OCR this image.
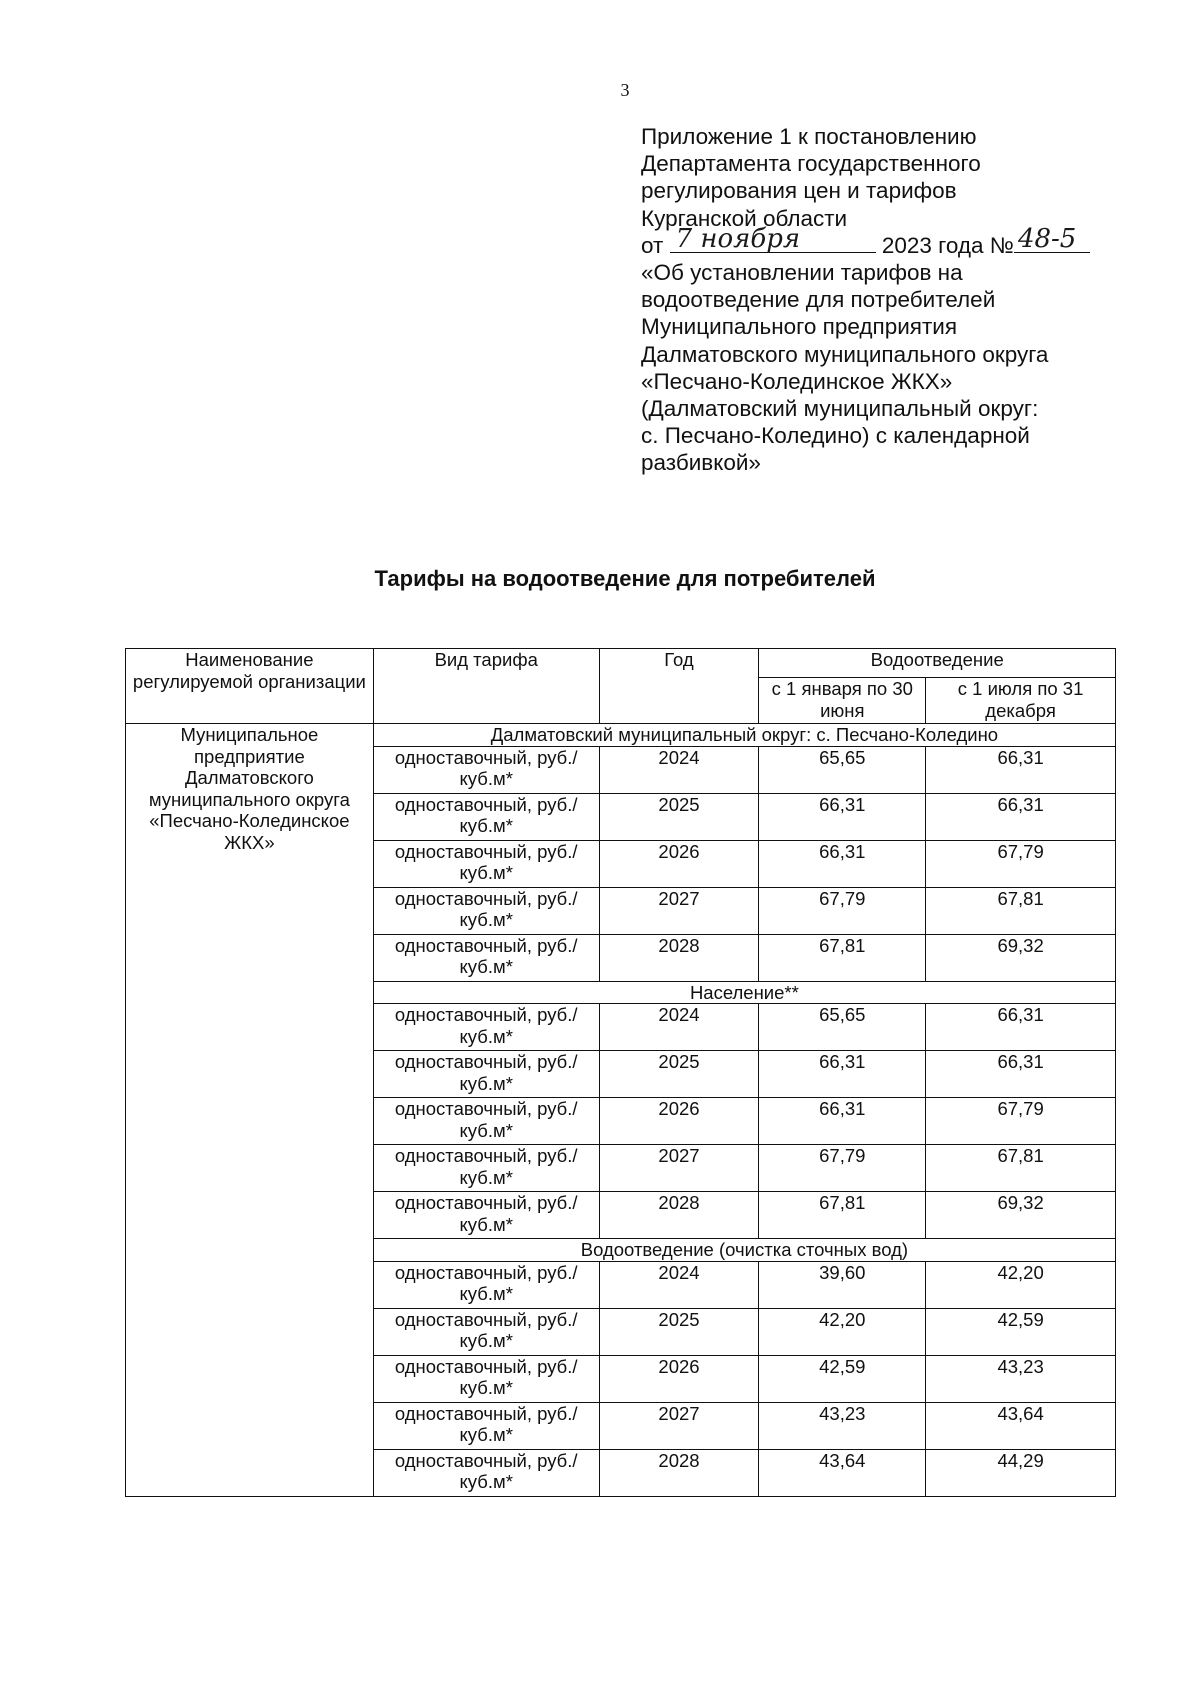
3
Приложение 1 к постановлению
Департамента государственного
регулирования цен и тарифов
Курганской области
от 7 ноября	2023 года № 48-5
«Об установлении тарифов на
водоотведение для потребителей
Муниципального предприятия
Далматовского муниципального округа
«Песчано-Колединское ЖКХ»
(Далматовский муниципальный округ:
с. Песчано-Коледино) с календарной
разбивкой»
Тарифы на водоотведение для потребителей
Наименование регулируемой организации	Вид тарифа	Год	Водоотведение	
			с 1 января по 30 июня	с 1 июля по 31 декабря
Муниципальное предприятие Далматовского муниципального округа «Песчано-Колединское ЖКХ»	Далматовский муниципальный округ: с. Песчано-Коледино			
	одноставочный, руб./куб.м*	2024	65,65	66,31
	одноставочный, руб./куб.м*	2025	66,31	66,31
	одноставочный, руб./куб.м*	2026	66,31	67,79
	одноставочный, руб./куб.м*	2027	67,79	67,81
	одноставочный, руб./куб.м*	2028	67,81	69,32
	Население**			
	одноставочный, руб./куб.м*	2024	65,65	66,31
	одноставочный, руб./куб.м*	2025	66,31	66,31
	одноставочный, руб./куб.м*	2026	66,31	67,79
	одноставочный, руб./куб.м*	2027	67,79	67,81
	одноставочный, руб./куб.м*	2028	67,81	69,32
	Водоотведение (очистка сточных вод)			
	одноставочный, руб./куб.м*	2024	39,60	42,20
	одноставочный, руб./куб.м*	2025	42,20	42,59
	одноставочный, руб./куб.м*	2026	42,59	43,23
	одноставочный, руб./куб.м*	2027	43,23	43,64
	одноставочный, руб./куб.м*	2028	43,64	44,29
